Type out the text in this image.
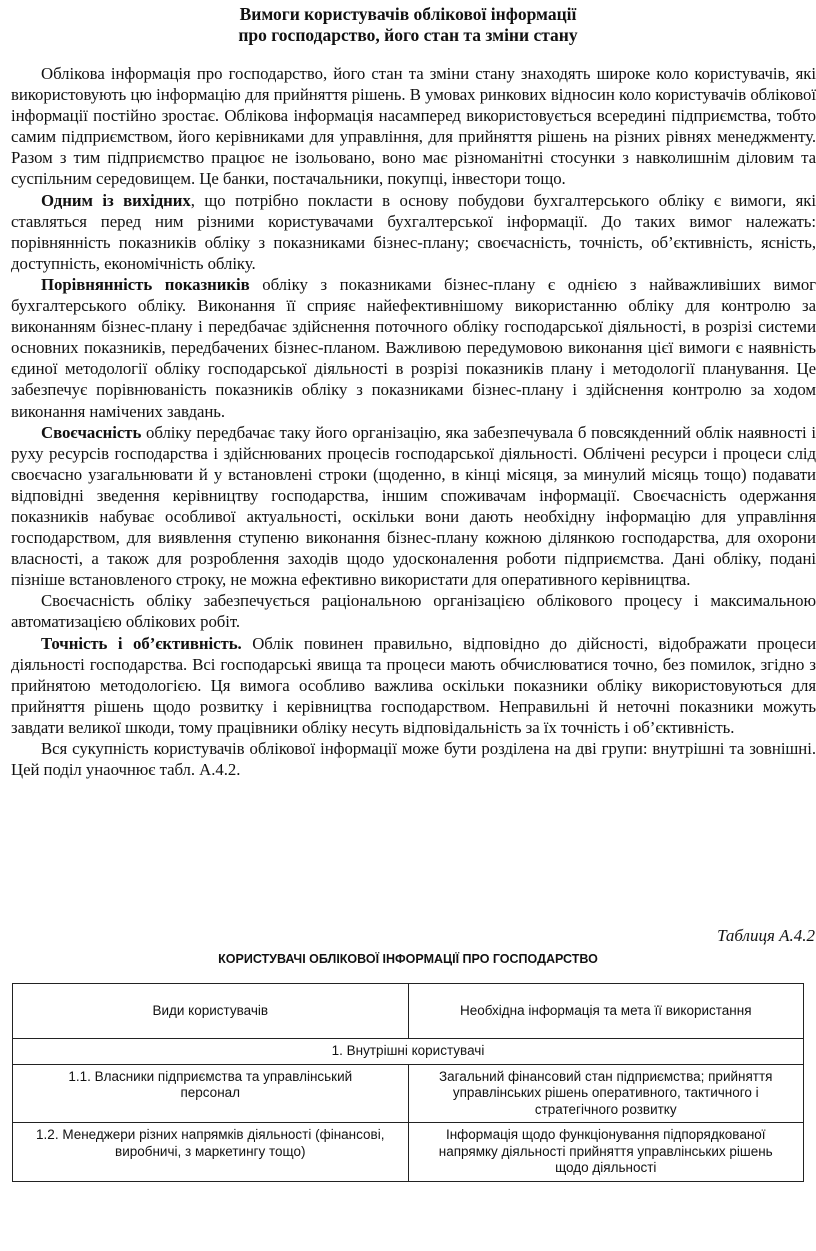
Вимоги користувачів облікової інформації
про господарство, його стан та зміни стану

Облікова інформація про господарство, його стан та зміни стану знаходять широке коло користувачів, які використовують цю інформацію для прийняття рішень. В умовах ринкових відносин коло користувачів облікової інформації постійно зростає. Облікова інформація насамперед використовується всередині підприємства, тобто самим підприємством, його керівниками для управління, для прийняття рішень на різних рівнях менеджменту. Разом з тим підприємство працює не ізольовано, воно має різноманітні стосунки з навколишнім діловим та суспільним середовищем. Це банки, постачальники, покупці, інвестори тощо.

Одним із вихідних, що потрібно покласти в основу побудови бухгалтерського обліку є вимоги, які ставляться перед ним різними користувачами бухгалтерської інформації. До таких вимог належать: порівнянність показників обліку з показниками бізнес-плану; своєчасність, точність, об’єктивність, ясність, доступність, економічність обліку.

Порівнянність показників обліку з показниками бізнес-плану є однією з найважливіших вимог бухгалтерського обліку. Виконання її сприяє найефективнішому використанню обліку для контролю за виконанням бізнес-плану і передбачає здійснення поточного обліку господарської діяльності, в розрізі системи основних показників, передбачених бізнес-планом. Важливою передумовою виконання цієї вимоги є наявність єдиної методології обліку господарської діяльності в розрізі показників плану і методології планування. Це забезпечує порівнюваність показників обліку з показниками бізнес-плану і здійснення контролю за ходом виконання намічених завдань.

Своєчасність обліку передбачає таку його організацію, яка забезпечувала б повсякденний облік наявності і руху ресурсів господарства і здійснюваних процесів господарської діяльності. Облічені ресурси і процеси слід своєчасно узагальнювати й у встановлені строки (щоденно, в кінці місяця, за минулий місяць тощо) подавати відповідні зведення керівництву господарства, іншим споживачам інформації. Своєчасність одержання показників набуває особливої актуальності, оскільки вони дають необхідну інформацію для управління господарством, для виявлення ступеню виконання бізнес-плану кожною ділянкою господарства, для охорони власності, а також для розроблення заходів щодо удосконалення роботи підприємства. Дані обліку, подані пізніше встановленого строку, не можна ефективно використати для оперативного керівництва.

Своєчасність обліку забезпечується раціональною організацією облікового процесу і максимальною автоматизацією облікових робіт.

Точність і об’єктивність. Облік повинен правильно, відповідно до дійсності, відображати процеси діяльності господарства. Всі господарські явища та процеси мають обчислюватися точно, без помилок, згідно з прийнятою методологією. Ця вимога особливо важлива оскільки показники обліку використовуються для прийняття рішень щодо розвитку і керівництва господарством. Неправильні й неточні показники можуть завдати великої шкоди, тому працівники обліку несуть відповідальність за їх точність і об’єктивність.

Вся сукупність користувачів облікової інформації може бути розділена на дві групи: внутрішні та зовнішні. Цей поділ унаочнює табл. А.4.2.

Таблиця А.4.2
КОРИСТУВАЧІ ОБЛІКОВОЇ ІНФОРМАЦІЇ ПРО ГОСПОДАРСТВО
Види користувачів	Необхідна інформація та мета її використання
1. Внутрішні користувачі	
1.1. Власники підприємства та управлінський персонал	Загальний фінансовий стан підприємства; прийняття управлінських рішень оперативного, тактичного і стратегічного розвитку
1.2. Менеджери різних напрямків діяльності (фінансові, виробничі, з маркетингу тощо)	Інформація щодо функціонування підпорядкованої напрямку діяльності прийняття управлінських рішень щодо діяльності
